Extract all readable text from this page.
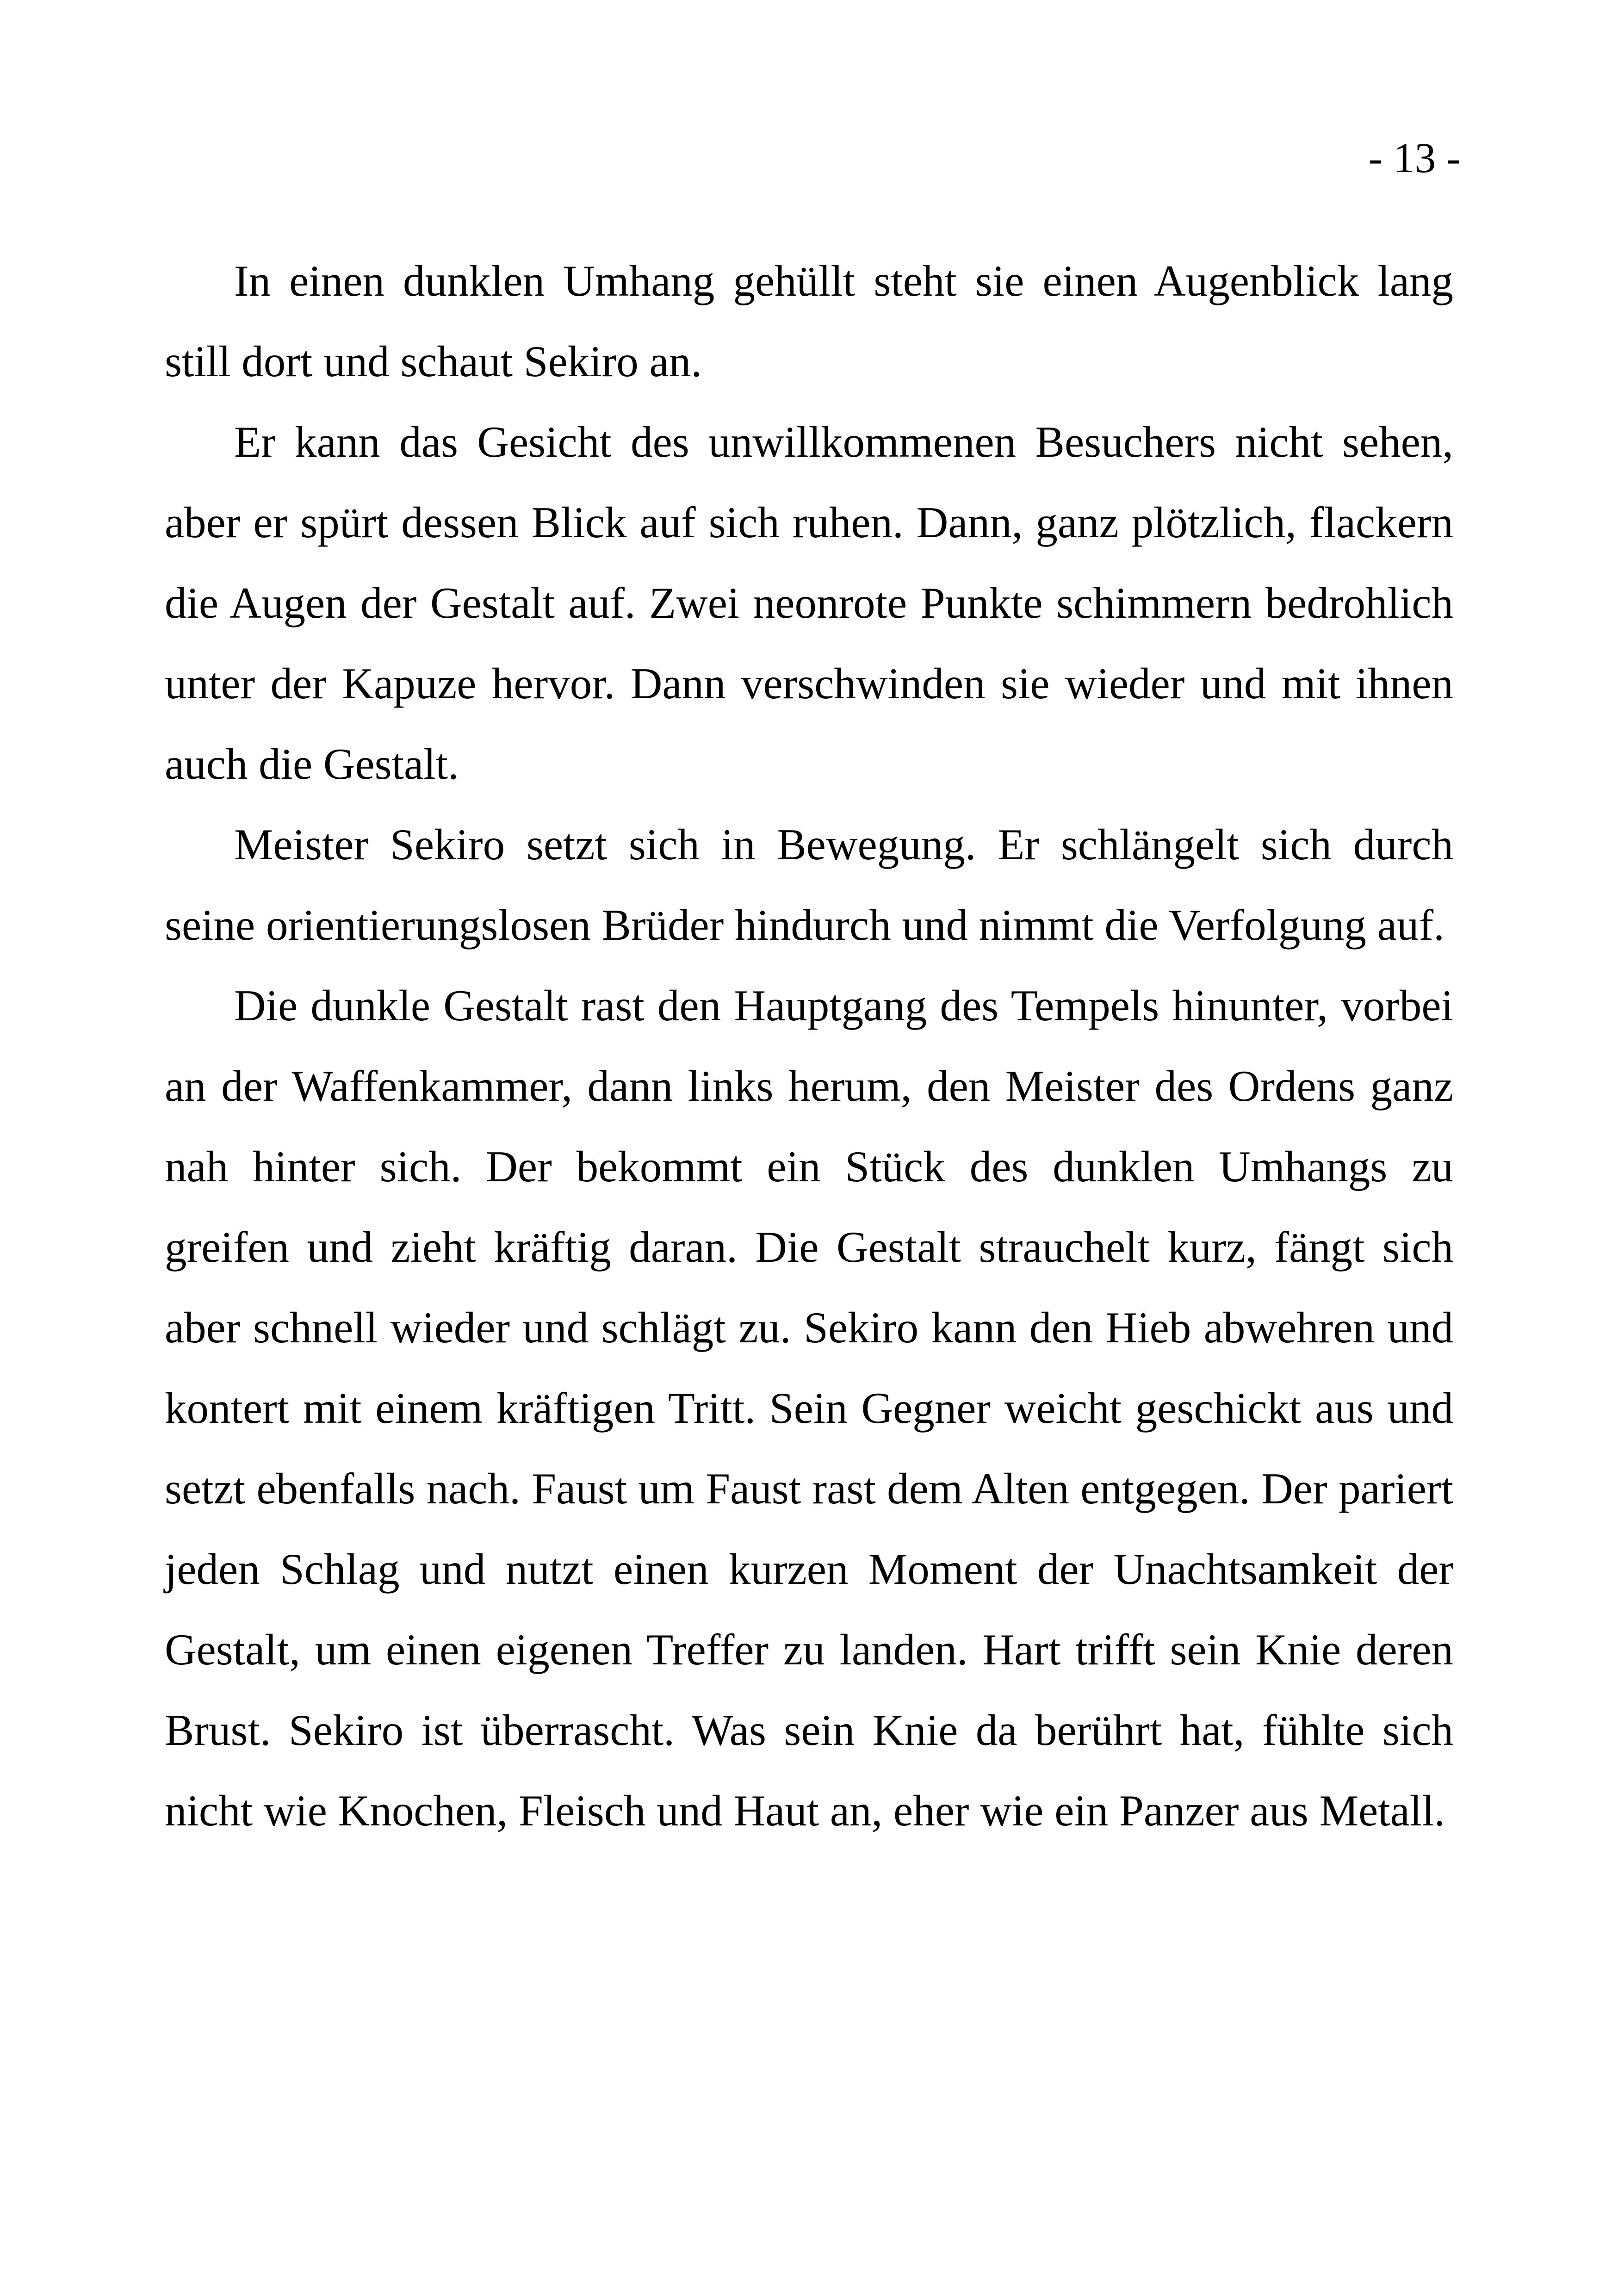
- 13 -

In einen dunklen Umhang gehüllt steht sie einen Augenblick lang still dort und schaut Sekiro an.

Er kann das Gesicht des unwillkommenen Besuchers nicht sehen, aber er spürt dessen Blick auf sich ruhen. Dann, ganz plötzlich, flackern die Augen der Gestalt auf. Zwei neonrote Punkte schimmern bedrohlich unter der Kapuze hervor. Dann verschwinden sie wieder und mit ihnen auch die Gestalt.

Meister Sekiro setzt sich in Bewegung. Er schlängelt sich durch seine orientierungslosen Brüder hindurch und nimmt die Verfolgung auf.

Die dunkle Gestalt rast den Hauptgang des Tempels hinunter, vorbei an der Waffenkammer, dann links herum, den Meister des Ordens ganz nah hinter sich. Der bekommt ein Stück des dunklen Umhangs zu greifen und zieht kräftig daran. Die Gestalt strauchelt kurz, fängt sich aber schnell wieder und schlägt zu. Sekiro kann den Hieb abwehren und kontert mit einem kräftigen Tritt. Sein Gegner weicht geschickt aus und setzt ebenfalls nach. Faust um Faust rast dem Alten entgegen. Der pariert jeden Schlag und nutzt einen kurzen Moment der Unachtsamkeit der Gestalt, um einen eigenen Treffer zu landen. Hart trifft sein Knie deren Brust. Sekiro ist überrascht. Was sein Knie da berührt hat, fühlte sich nicht wie Knochen, Fleisch und Haut an, eher wie ein Panzer aus Metall.
